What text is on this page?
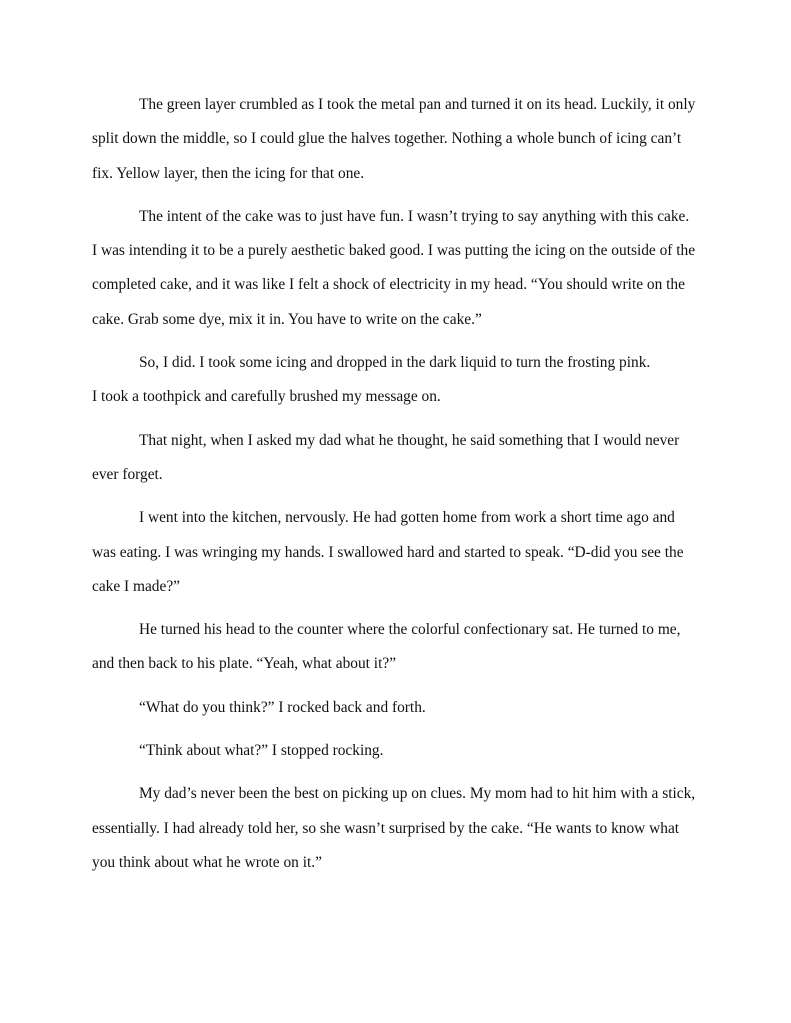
The green layer crumbled as I took the metal pan and turned it on its head. Luckily, it only split down the middle, so I could glue the halves together. Nothing a whole bunch of icing can’t fix. Yellow layer, then the icing for that one.

The intent of the cake was to just have fun. I wasn’t trying to say anything with this cake. I was intending it to be a purely aesthetic baked good. I was putting the icing on the outside of the completed cake, and it was like I felt a shock of electricity in my head. “You should write on the cake. Grab some dye, mix it in. You have to write on the cake.”

So, I did. I took some icing and dropped in the dark liquid to turn the frosting pink.

I took a toothpick and carefully brushed my message on.

That night, when I asked my dad what he thought, he said something that I would never ever forget.

I went into the kitchen, nervously. He had gotten home from work a short time ago and was eating. I was wringing my hands. I swallowed hard and started to speak. “D-did you see the cake I made?”

He turned his head to the counter where the colorful confectionary sat. He turned to me, and then back to his plate. “Yeah, what about it?”

“What do you think?” I rocked back and forth.

“Think about what?” I stopped rocking.

My dad’s never been the best on picking up on clues. My mom had to hit him with a stick, essentially. I had already told her, so she wasn’t surprised by the cake. “He wants to know what you think about what he wrote on it.”
